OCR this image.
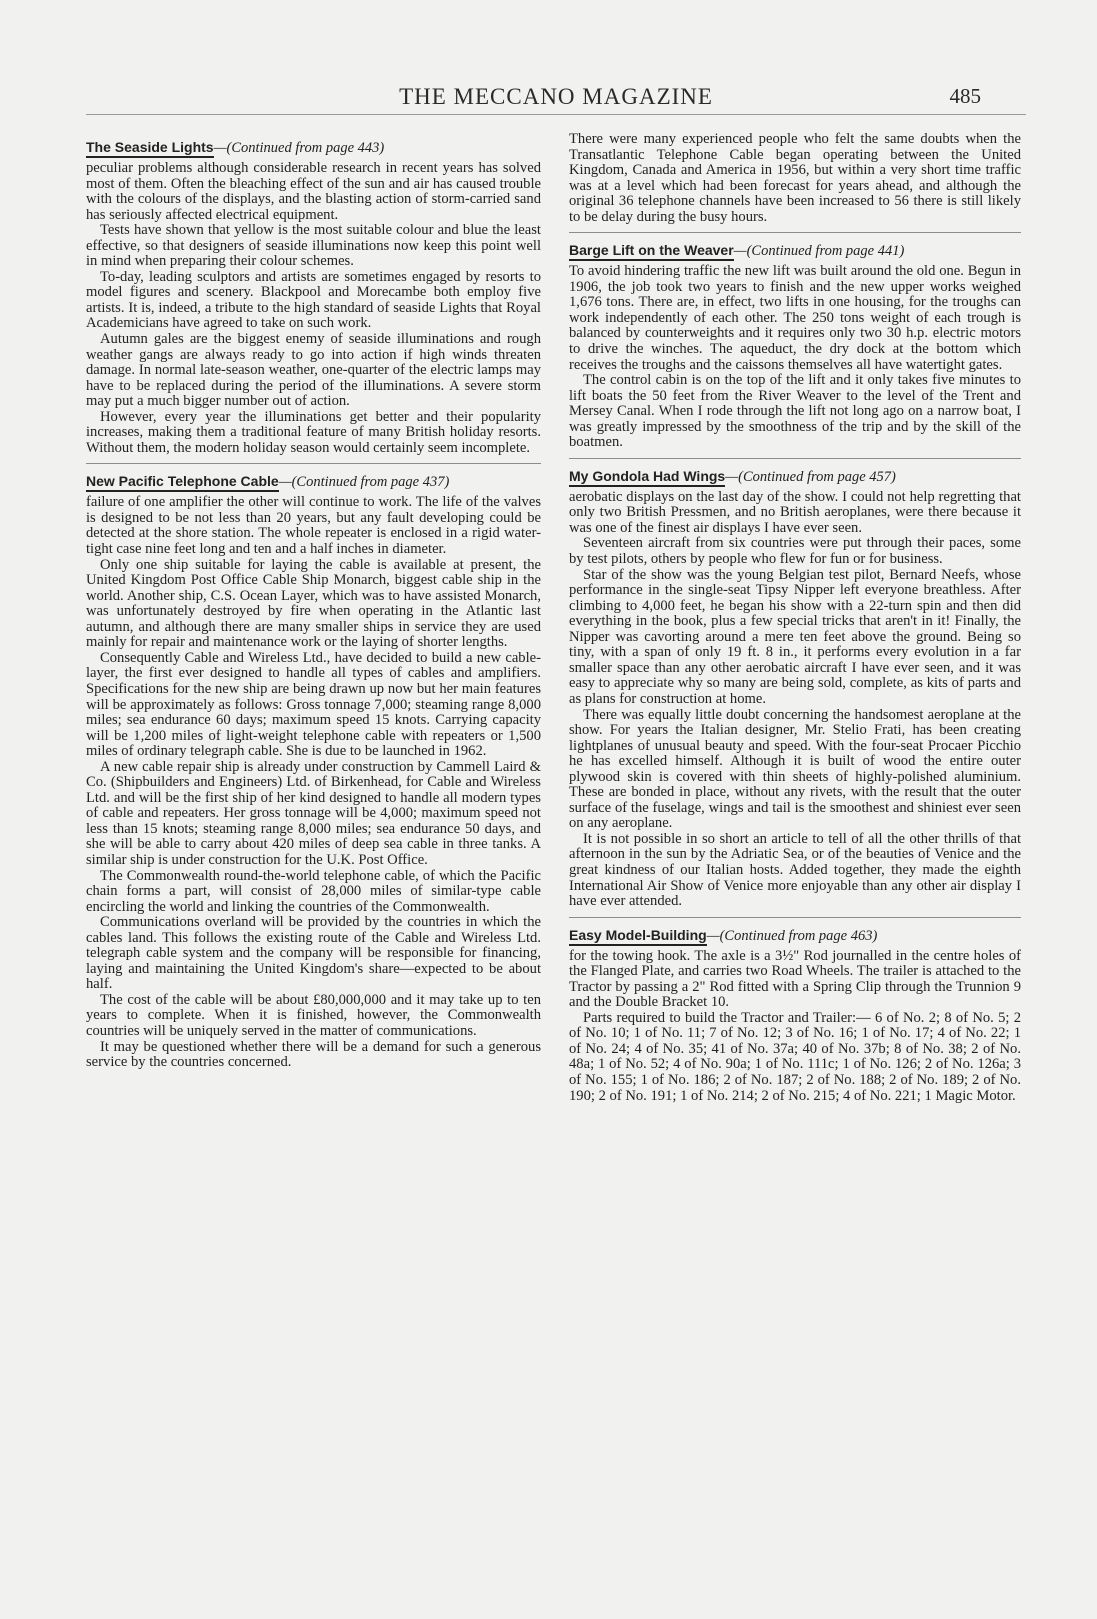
THE MECCANO MAGAZINE	485
The Seaside Lights—(Continued from page 443)

peculiar problems although considerable research in recent years has solved most of them. Often the bleaching effect of the sun and air has caused trouble with the colours of the displays, and the blasting action of storm-carried sand has seriously affected electrical equipment.

Tests have shown that yellow is the most suitable colour and blue the least effective, so that designers of seaside illuminations now keep this point well in mind when preparing their colour schemes.

To-day, leading sculptors and artists are sometimes engaged by resorts to model figures and scenery. Blackpool and Morecambe both employ five artists. It is, indeed, a tribute to the high standard of seaside Lights that Royal Academicians have agreed to take on such work.

Autumn gales are the biggest enemy of seaside illuminations and rough weather gangs are always ready to go into action if high winds threaten damage. In normal late-season weather, one-quarter of the electric lamps may have to be replaced during the period of the illuminations. A severe storm may put a much bigger number out of action.

However, every year the illuminations get better and their popularity increases, making them a traditional feature of many British holiday resorts. Without them, the modern holiday season would certainly seem incomplete.

New Pacific Telephone Cable—(Continued from page 437)

failure of one amplifier the other will continue to work. The life of the valves is designed to be not less than 20 years, but any fault developing could be detected at the shore station. The whole repeater is enclosed in a rigid water-tight case nine feet long and ten and a half inches in diameter.

Only one ship suitable for laying the cable is available at present, the United Kingdom Post Office Cable Ship Monarch, biggest cable ship in the world. Another ship, C.S. Ocean Layer, which was to have assisted Monarch, was unfortunately destroyed by fire when operating in the Atlantic last autumn, and although there are many smaller ships in service they are used mainly for repair and maintenance work or the laying of shorter lengths.

Consequently Cable and Wireless Ltd., have decided to build a new cable-layer, the first ever designed to handle all types of cables and amplifiers. Specifications for the new ship are being drawn up now but her main features will be approximately as follows: Gross tonnage 7,000; steaming range 8,000 miles; sea endurance 60 days; maximum speed 15 knots. Carrying capacity will be 1,200 miles of light-weight telephone cable with repeaters or 1,500 miles of ordinary telegraph cable. She is due to be launched in 1962.

A new cable repair ship is already under construction by Cammell Laird & Co. (Shipbuilders and Engineers) Ltd. of Birkenhead, for Cable and Wireless Ltd. and will be the first ship of her kind designed to handle all modern types of cable and repeaters. Her gross tonnage will be 4,000; maximum speed not less than 15 knots; steaming range 8,000 miles; sea endurance 50 days, and she will be able to carry about 420 miles of deep sea cable in three tanks. A similar ship is under construction for the U.K. Post Office.

The Commonwealth round-the-world telephone cable, of which the Pacific chain forms a part, will consist of 28,000 miles of similar-type cable encircling the world and linking the countries of the Commonwealth.

Communications overland will be provided by the countries in which the cables land. This follows the existing route of the Cable and Wireless Ltd. telegraph cable system and the company will be responsible for financing, laying and maintaining the United Kingdom's share—expected to be about half.

The cost of the cable will be about £80,000,000 and it may take up to ten years to complete. When it is finished, however, the Commonwealth countries will be uniquely served in the matter of communications.

It may be questioned whether there will be a demand for such a generous service by the countries concerned.

There were many experienced people who felt the same doubts when the Transatlantic Telephone Cable began operating between the United Kingdom, Canada and America in 1956, but within a very short time traffic was at a level which had been forecast for years ahead, and although the original 36 telephone channels have been increased to 56 there is still likely to be delay during the busy hours.

Barge Lift on the Weaver—(Continued from page 441)

To avoid hindering traffic the new lift was built around the old one. Begun in 1906, the job took two years to finish and the new upper works weighed 1,676 tons. There are, in effect, two lifts in one housing, for the troughs can work independently of each other. The 250 tons weight of each trough is balanced by counterweights and it requires only two 30 h.p. electric motors to drive the winches. The aqueduct, the dry dock at the bottom which receives the troughs and the caissons themselves all have watertight gates.

The control cabin is on the top of the lift and it only takes five minutes to lift boats the 50 feet from the River Weaver to the level of the Trent and Mersey Canal. When I rode through the lift not long ago on a narrow boat, I was greatly impressed by the smoothness of the trip and by the skill of the boatmen.

My Gondola Had Wings—(Continued from page 457)

aerobatic displays on the last day of the show. I could not help regretting that only two British Pressmen, and no British aeroplanes, were there because it was one of the finest air displays I have ever seen.

Seventeen aircraft from six countries were put through their paces, some by test pilots, others by people who flew for fun or for business.

Star of the show was the young Belgian test pilot, Bernard Neefs, whose performance in the single-seat Tipsy Nipper left everyone breathless. After climbing to 4,000 feet, he began his show with a 22-turn spin and then did everything in the book, plus a few special tricks that aren't in it! Finally, the Nipper was cavorting around a mere ten feet above the ground. Being so tiny, with a span of only 19 ft. 8 in., it performs every evolution in a far smaller space than any other aerobatic aircraft I have ever seen, and it was easy to appreciate why so many are being sold, complete, as kits of parts and as plans for construction at home.

There was equally little doubt concerning the handsomest aeroplane at the show. For years the Italian designer, Mr. Stelio Frati, has been creating lightplanes of unusual beauty and speed. With the four-seat Procaer Picchio he has excelled himself. Although it is built of wood the entire outer plywood skin is covered with thin sheets of highly-polished aluminium. These are bonded in place, without any rivets, with the result that the outer surface of the fuselage, wings and tail is the smoothest and shiniest ever seen on any aeroplane.

It is not possible in so short an article to tell of all the other thrills of that afternoon in the sun by the Adriatic Sea, or of the beauties of Venice and the great kindness of our Italian hosts. Added together, they made the eighth International Air Show of Venice more enjoyable than any other air display I have ever attended.

Easy Model-Building—(Continued from page 463)

for the towing hook. The axle is a 3½" Rod journalled in the centre holes of the Flanged Plate, and carries two Road Wheels. The trailer is attached to the Tractor by passing a 2" Rod fitted with a Spring Clip through the Trunnion 9 and the Double Bracket 10.

Parts required to build the Tractor and Trailer:— 6 of No. 2; 8 of No. 5; 2 of No. 10; 1 of No. 11; 7 of No. 12; 3 of No. 16; 1 of No. 17; 4 of No. 22; 1 of No. 24; 4 of No. 35; 41 of No. 37a; 40 of No. 37b; 8 of No. 38; 2 of No. 48a; 1 of No. 52; 4 of No. 90a; 1 of No. 111c; 1 of No. 126; 2 of No. 126a; 3 of No. 155; 1 of No. 186; 2 of No. 187; 2 of No. 188; 2 of No. 189; 2 of No. 190; 2 of No. 191; 1 of No. 214; 2 of No. 215; 4 of No. 221; 1 Magic Motor.
